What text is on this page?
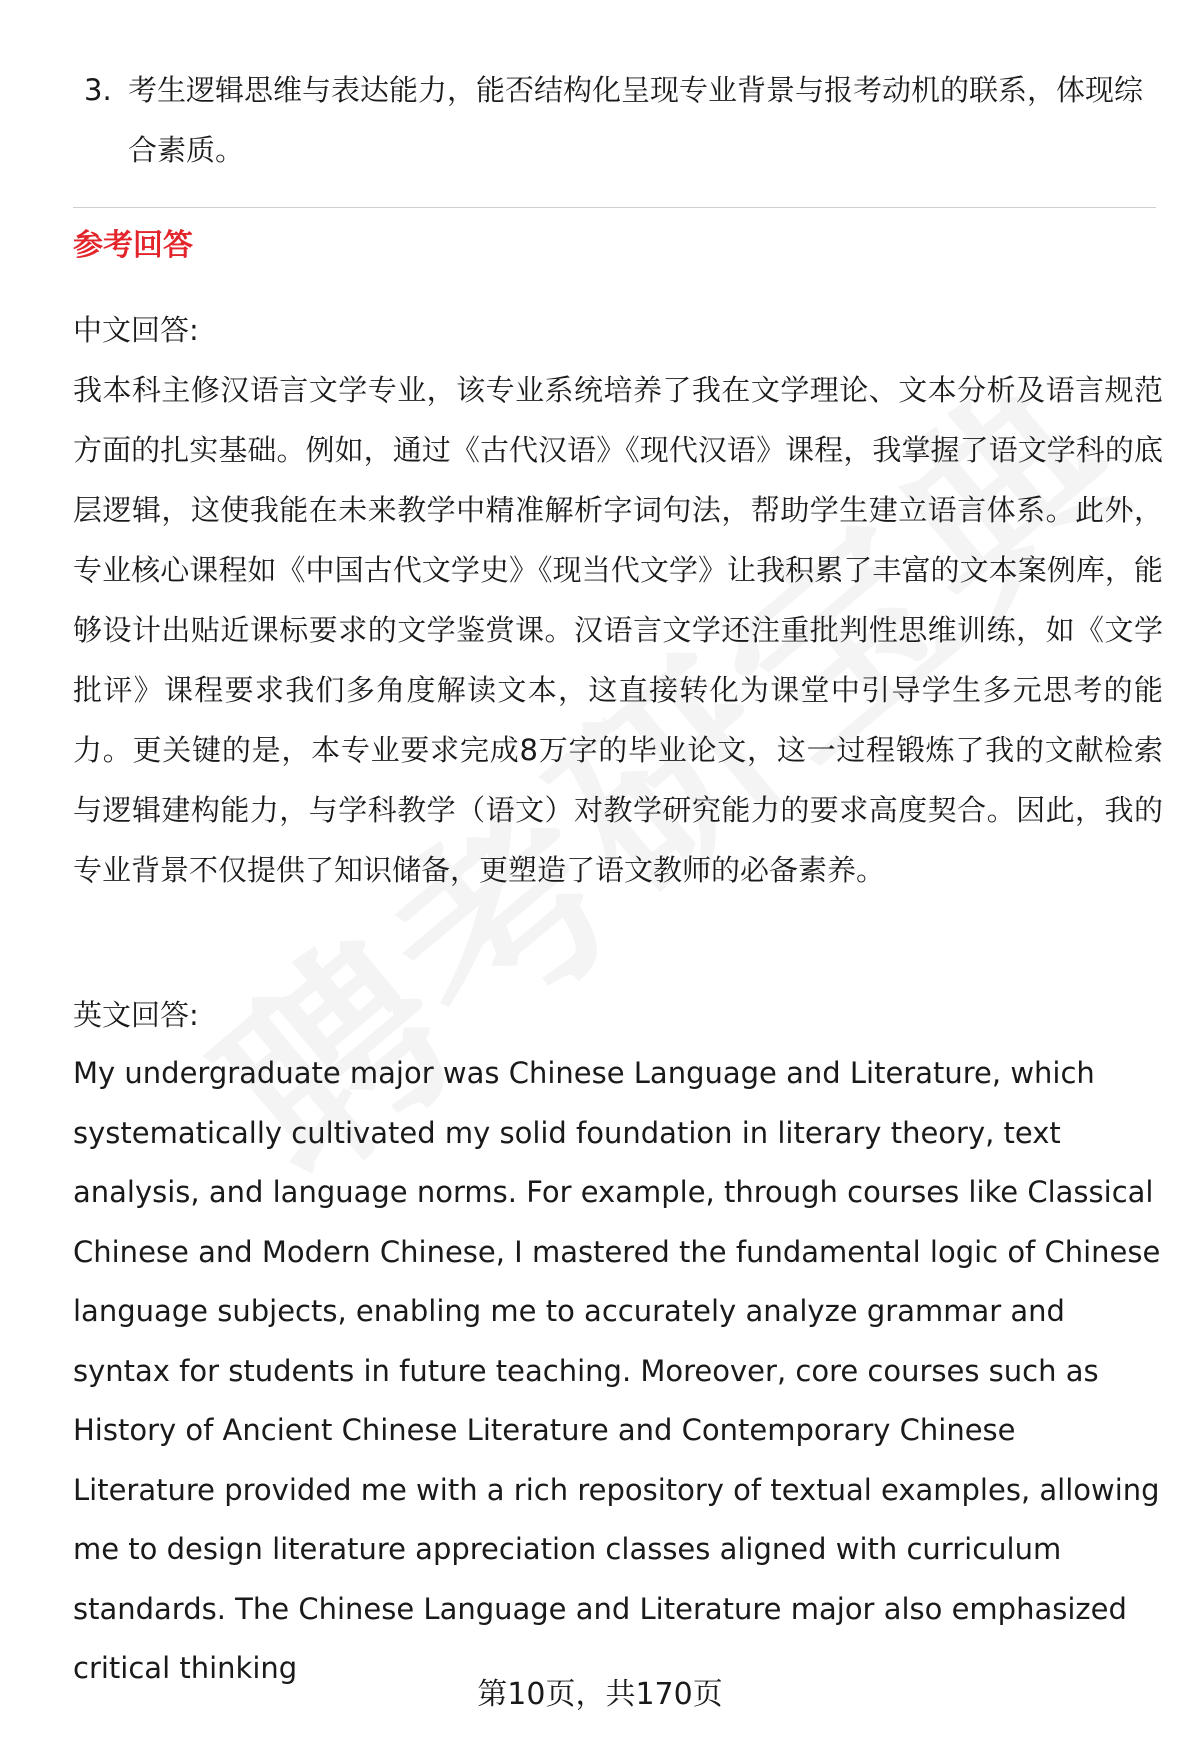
3. 考生逻辑思维与表达能力，能否结构化呈现专业背景与报考动机的联系，体现综合素质。
参考回答
中文回答:
我本科主修汉语言文学专业，该专业系统培养了我在文学理论、文本分析及语言规范方面的扎实基础。例如，通过《古代汉语》《现代汉语》课程，我掌握了语文学科的底层逻辑，这使我能在未来教学中精准解析字词句法，帮助学生建立语言体系。此外，专业核心课程如《中国古代文学史》《现当代文学》让我积累了丰富的文本案例库，能够设计出贴近课标要求的文学鉴赏课。汉语言文学还注重批判性思维训练，如《文学批评》课程要求我们多角度解读文本，这直接转化为课堂中引导学生多元思考的能力。更关键的是，本专业要求完成8万字的毕业论文，这一过程锻炼了我的文献检索与逻辑建构能力，与学科教学（语文）对教学研究能力的要求高度契合。因此，我的专业背景不仅提供了知识储备，更塑造了语文教师的必备素养。
英文回答:
My undergraduate major was Chinese Language and Literature, which systematically cultivated my solid foundation in literary theory, text analysis, and language norms. For example, through courses like Classical Chinese and Modern Chinese, I mastered the fundamental logic of Chinese language subjects, enabling me to accurately analyze grammar and syntax for students in future teaching. Moreover, core courses such as History of Ancient Chinese Literature and Contemporary Chinese Literature provided me with a rich repository of textual examples, allowing me to design literature appreciation classes aligned with curriculum standards. The Chinese Language and Literature major also emphasized critical thinking
第10页，共170页
